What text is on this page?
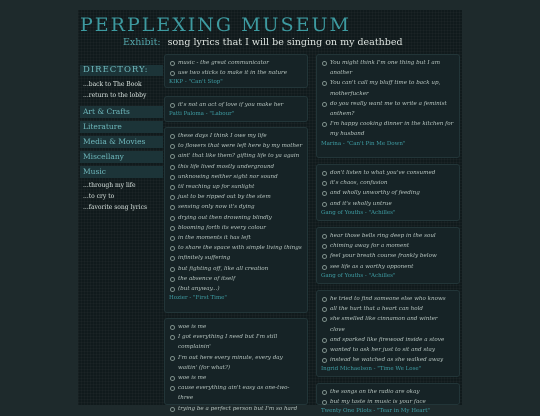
PERPLEXING MUSEUM
Exhibit: song lyrics that I will be singing on my deathbed
DIRECTORY:
... back to The Book
... return to the lobby
Art & Crafts
Literature
Media & Movies
Miscellany
Music
... through my life
... to cry to
... favorite song lyrics
music - the great communicator
use two sticks to make it in the nature
KIKP - "Can't Stop"
it's not an act of love if you make her
Patti Paloma - "Labour"
these days I think I owe my life
to flowers that were left here by my mother
aint' that like them? gifting life to ya again
this life lived mostly underground
unknowing neither sight nor sound
til reaching up for sunlight
just to be ripped out by the stem
sensing only now it's dying
drying out then drowning blindly
blooming forth its every colour
in the moments it has left
to share the space with simple living things
infinitely suffering
but fighting off, like all creation
the absence of itself
(but anyway...)
Hozier - "First Time"
woe is me
I got everything I need but I'm still
complainin'
I'm out here every minute, every day
waitin' (for what?)
woe is me
cause everything ain't easy as one-two-
three
trying be a perfect person but I'm so hard
You might think I'm one thing but I am
another
You can't call my bluff time to back up,
motherfucker
do you really want me to write a feminist
anthem?
I'm happy cooking dinner in the kitchen for
my husband
Marina - "Can't Pin Me Down"
don't listen to what you've consumed
it's chaos, confusion
and wholly unworthy of feeding
and it's wholly untrue
Gang of Youths - "Achilles"
hear those bells ring deep in the soul
chiming away for a moment
feel your breath course frankly below
see life as a worthy opponent
Gang of Youths - "Achilles"
he tried to find someone else who knows
all the hurt that a heart can hold
she smelled like cinnamon and winter
clove
and sparked like firewood inside a stove
wanted to ask her just to sit and stay
instead he watched as she walked away
Ingrid Michaelson - "Time We Lose"
the songs on the radio are okay
but my taste in music is your face
Twenty One Pilots - "Tear in My Heart"
